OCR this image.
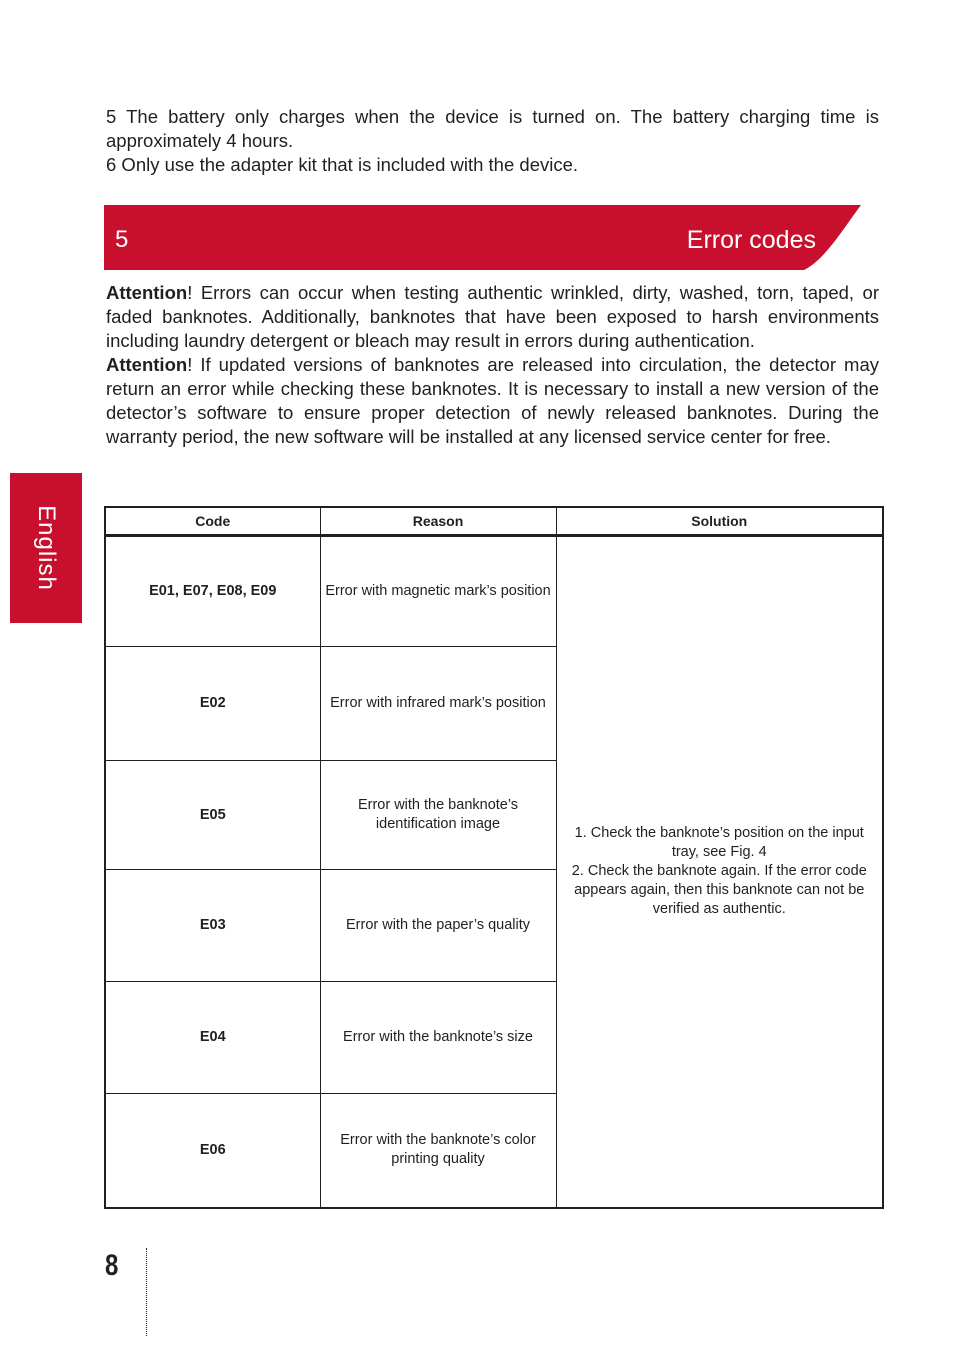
5 The battery only charges when the device is turned on. The battery charging time is approximately 4 hours.

6 Only use the adapter kit that is included with the device.

5	Error codes

Attention! Errors can occur when testing authentic wrinkled, dirty, washed, torn, taped, or faded banknotes. Additionally, banknotes that have been exposed to harsh environments including laundry detergent or bleach may result in errors during authentication.

Attention! If updated versions of banknotes are released into circulation, the detector may return an error while checking these banknotes. It is necessary to install a new version of the detector’s software to ensure proper detection of newly released banknotes. During the warranty period, the new software will be installed at any licensed service center for free.

English	Code	Reason	Solution
E01, E07, E08, E09	Error with magnetic mark’s position	1. Check the banknote’s position on the input tray, see Fig. 4
2. Check the banknote again. If the error code appears again, then this banknote can not be verified as authentic.
E02	Error with infrared mark’s position	
E05	Error with the banknote’s identification image	
E03	Error with the paper’s quality	
E04	Error with the banknote’s size	
E06	Error with the banknote’s color printing quality	
8
